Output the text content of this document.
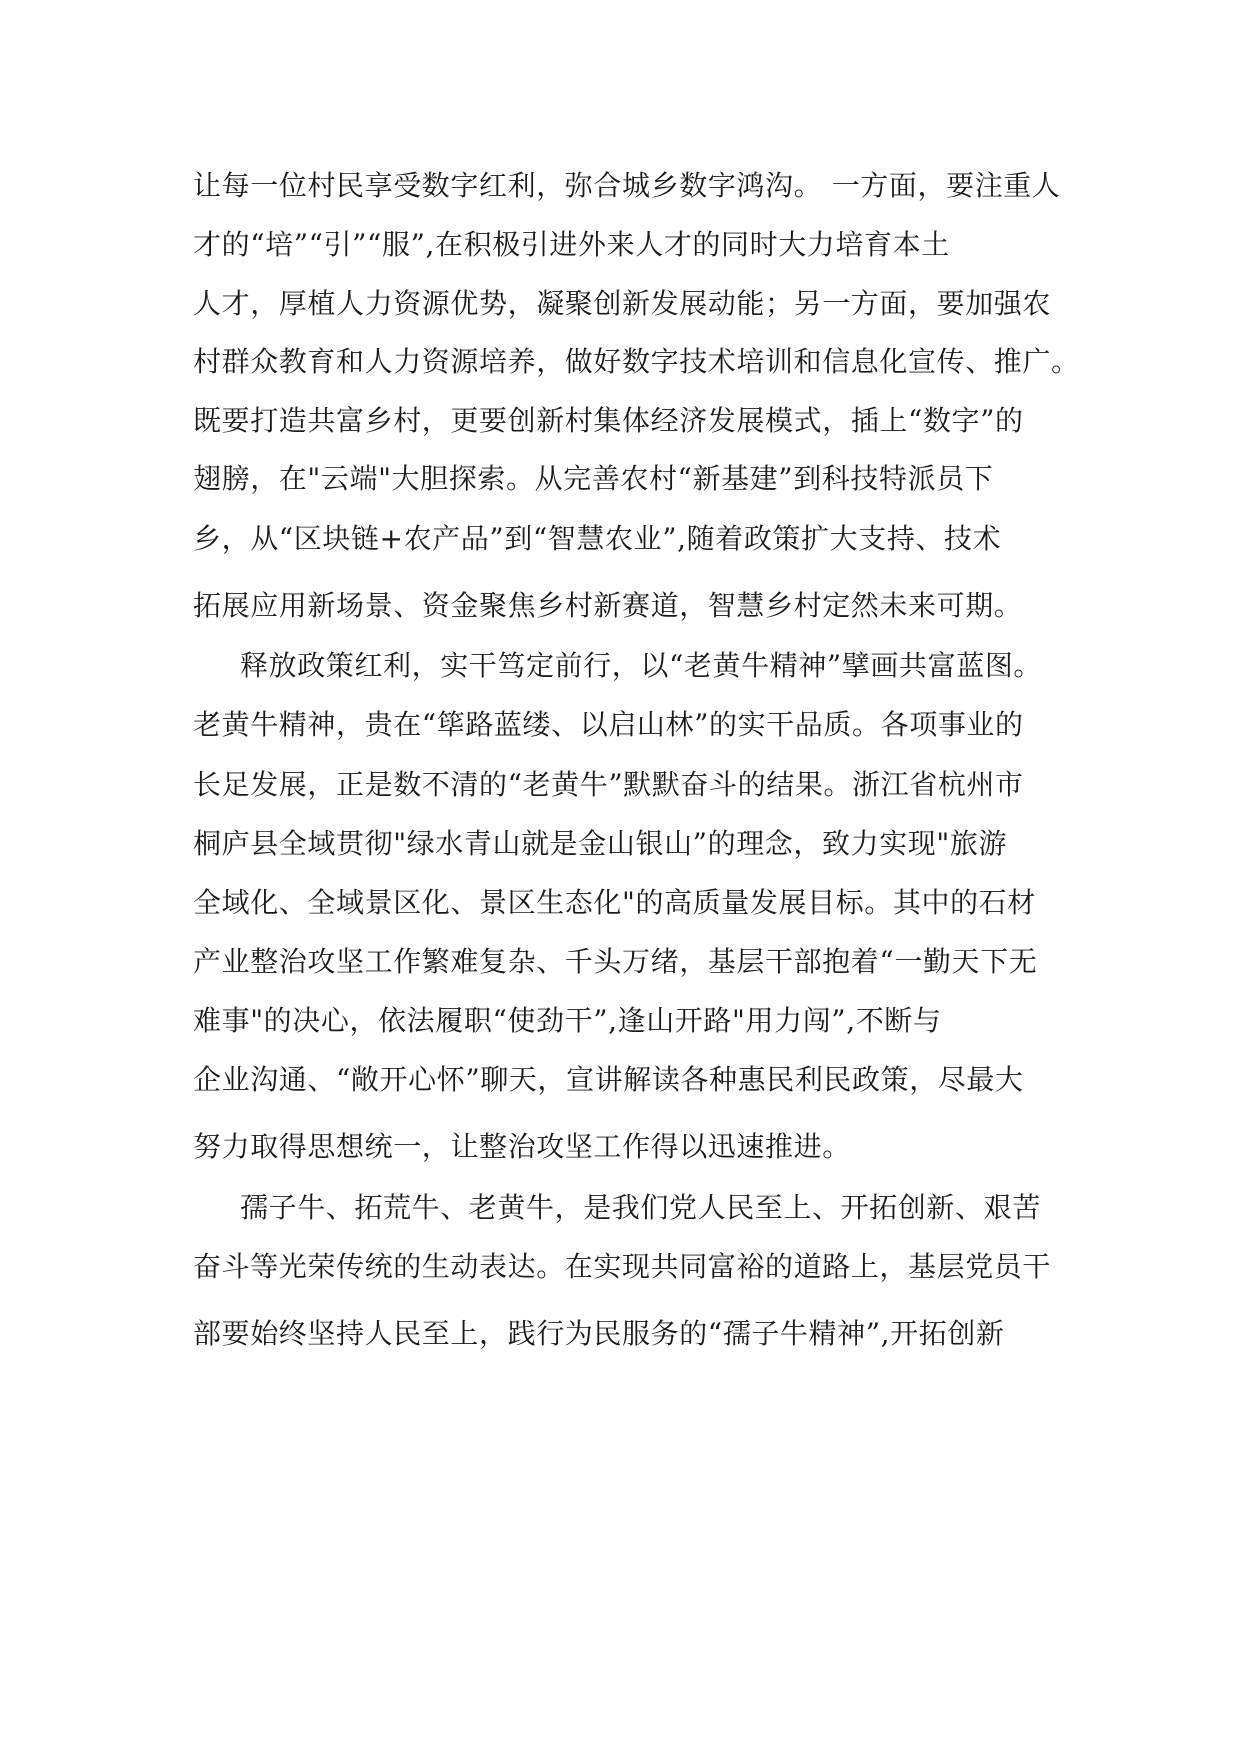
让每一位村民享受数字红利，弥合城乡数字鸿沟。 一方面，要注重人
才的“培”“引”“服”,在积极引进外来人才的同时大力培育本土
人才，厚植人力资源优势，凝聚创新发展动能；另一方面，要加强农
村群众教育和人力资源培养，做好数字技术培训和信息化宣传、推广。
既要打造共富乡村，更要创新村集体经济发展模式，插上“数字”的
翅膀，在"云端"大胆探索。从完善农村“新基建”到科技特派员下
乡，从“区块链+农产品”到“智慧农业”,随着政策扩大支持、技术
拓展应用新场景、资金聚焦乡村新赛道，智慧乡村定然未来可期。
释放政策红利，实干笃定前行，以“老黄牛精神”擘画共富蓝图。
老黄牛精神，贵在“筚路蓝缕、以启山林”的实干品质。各项事业的
长足发展，正是数不清的“老黄牛”默默奋斗的结果。浙江省杭州市
桐庐县全域贯彻"绿水青山就是金山银山”的理念，致力实现"旅游
全域化、全域景区化、景区生态化"的高质量发展目标。其中的石材
产业整治攻坚工作繁难复杂、千头万绪，基层干部抱着“一勤天下无
难事"的决心，依法履职“使劲干”,逢山开路"用力闯”,不断与
企业沟通、“敞开心怀”聊天，宣讲解读各种惠民利民政策，尽最大
努力取得思想统一，让整治攻坚工作得以迅速推进。
孺子牛、拓荒牛、老黄牛，是我们党人民至上、开拓创新、艰苦
奋斗等光荣传统的生动表达。在实现共同富裕的道路上，基层党员干
部要始终坚持人民至上，践行为民服务的“孺子牛精神”,开拓创新
